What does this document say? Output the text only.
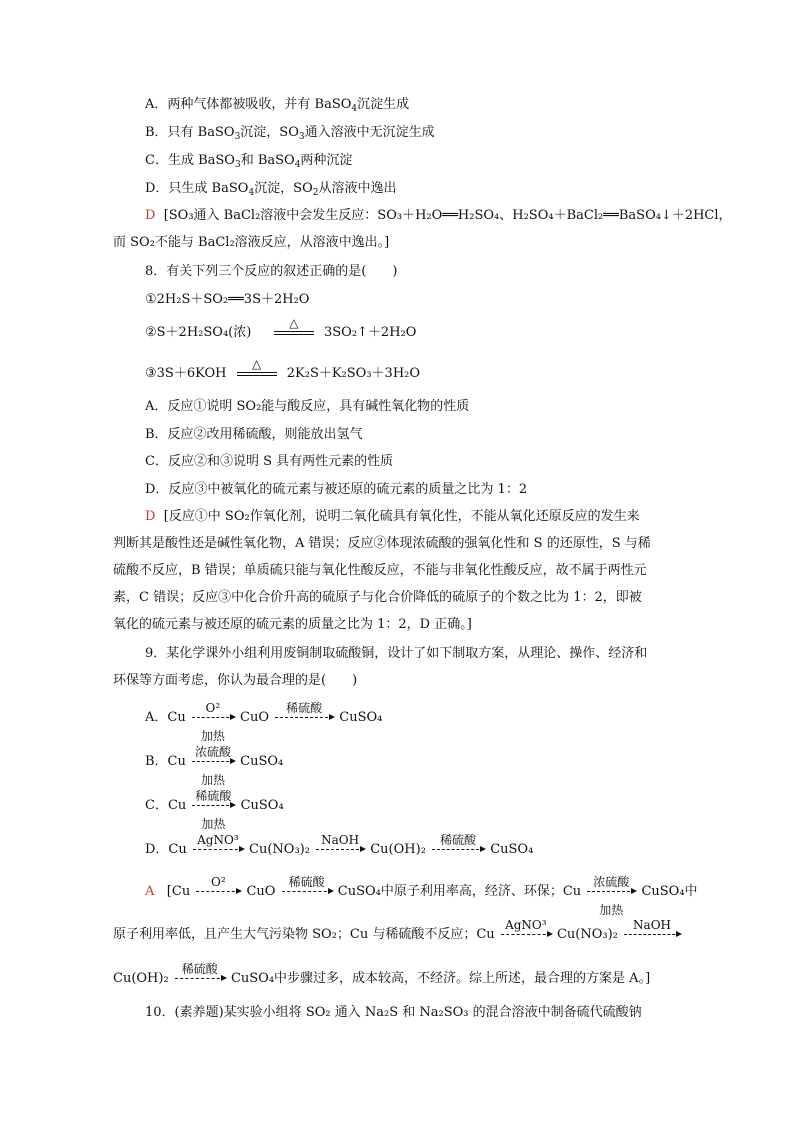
A．两种气体都被吸收，并有 BaSO$_4$沉淀生成
B．只有 BaSO$_3$沉淀，$SO_3$通入溶液中无沉淀生成
C．生成 BaSO$_3$和 BaSO$_4$两种沉淀
D．只生成 BaSO$_4$沉淀，$SO_2$从溶液中逸出
D [SO₃通入 BaCl₂溶液中会发生反应：SO₃＋H₂O══H₂SO₄、H₂SO₄＋BaCl₂══BaSO₄↓＋2HCl，
而 SO₂不能与 BaCl₂溶液反应，从溶液中逸出。]
8．有关下列三个反应的叙述正确的是(　　)
①2H₂S＋SO₂══3S＋2H₂O
②S＋2H₂SO₄(浓)
△
3SO₂↑＋2H₂O
③3S＋6KOH
△
2K₂S＋K₂SO₃＋3H₂O
A．反应①说明 SO₂能与酸反应，具有碱性氧化物的性质
B．反应②改用稀硫酸，则能放出氢气
C．反应②和③说明 S 具有两性元素的性质
D．反应③中被氧化的硫元素与被还原的硫元素的质量之比为 1：2
D [反应①中 SO₂作氧化剂，说明二氧化硫具有氧化性，不能从氧化还原反应的发生来
判断其是酸性还是碱性氧化物，A 错误；反应②体现浓硫酸的强氧化性和 S 的还原性，S 与稀
硫酸不反应，B 错误；单质硫只能与氧化性酸反应，不能与非氧化性酸反应，故不属于两性元
素，C 错误；反应③中化合价升高的硫原子与化合价降低的硫原子的个数之比为 1：2，即被
氧化的硫元素与被还原的硫元素的质量之比为 1：2，D 正确。]
9．某化学课外小组利用废铜制取硫酸铜，设计了如下制取方案，从理论、操作、经济和
环保等方面考虑，你认为最合理的是(　　)
A．Cu
O²
加热
CuO
稀硫酸
CuSO₄
B．Cu
浓硫酸
加热
CuSO₄
C．Cu
稀硫酸
加热
CuSO₄
D．Cu
AgNO³
Cu(NO₃)₂
NaOH
Cu(OH)₂
稀硫酸
CuSO₄
A [Cu
O²
CuO
稀硫酸
CuSO₄中原子利用率高，经济、环保；Cu
浓硫酸
加热
CuSO₄中
原子利用率低，且产生大气污染物 SO₂；Cu 与稀硫酸不反应；Cu
AgNO³
Cu(NO₃)₂
NaOH
Cu(OH)₂
稀硫酸
CuSO₄中步骤过多，成本较高，不经济。综上所述，最合理的方案是 A。]
10．(素养题)某实验小组将 SO₂ 通入 Na₂S 和 Na₂SO₃ 的混合溶液中制备硫代硫酸钠
